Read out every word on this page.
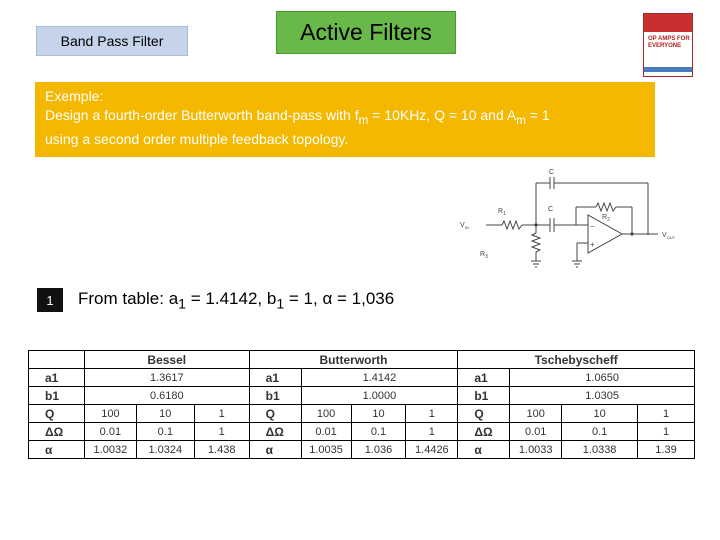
Band Pass Filter	Active Filters	OP AMPS FOR
EVERYONE
Exemple:
Design a fourth-order Butterworth band-pass with $f_m = 10KHz$, Q = 10 and $A_m = 1$
using a second order multiple feedback topology.
C
C
$R_1$	$R_2$
$V_{IN}$
$R_3$
$V_{OUT}$
−
+
1	From table: $a_1 = 1.4142$, $b_1 = 1$, α = 1,036
	Bessel			Butterworth				Tschebyscheff			
a1	1.3617			a1	1.4142			a1	1.0650		
b1	0.6180			b1	1.0000			b1	1.0305		
Q	100	10	1	Q	100	10	1	Q	100	10	1
ΔΩ	0.01	0.1	1	ΔΩ	0.01	0.1	1	ΔΩ	0.01	0.1	1
α	1.0032	1.0324	1.438	α	1.0035	1.036	1.4426	α	1.0033	1.0338	1.39
